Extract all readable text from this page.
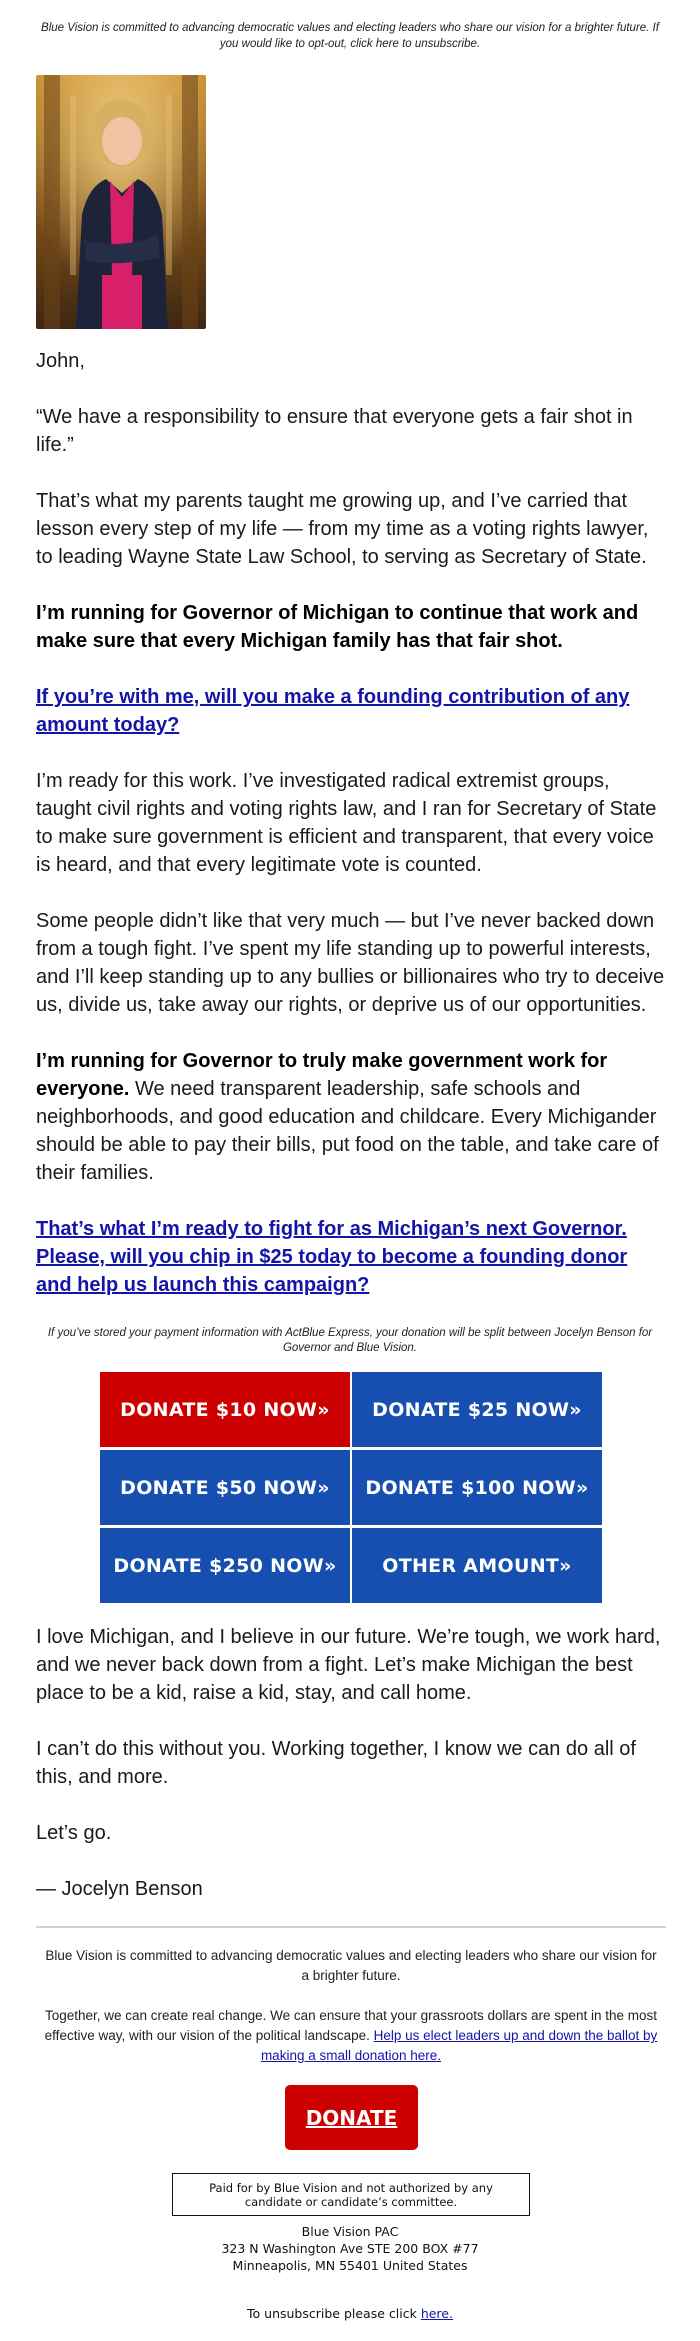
Blue Vision is committed to advancing democratic values and electing leaders who share our vision for a brighter future. If you would like to opt-out, click here to unsubscribe.
John,
“We have a responsibility to ensure that everyone gets a fair shot in life.”
That’s what my parents taught me growing up, and I’ve carried that lesson every step of my life — from my time as a voting rights lawyer, to leading Wayne State Law School, to serving as Secretary of State.
I’m running for Governor of Michigan to continue that work and make sure that every Michigan family has that fair shot.
If you’re with me, will you make a founding contribution of any amount today?
I’m ready for this work. I’ve investigated radical extremist groups, taught civil rights and voting rights law, and I ran for Secretary of State to make sure government is efficient and transparent, that every voice is heard, and that every legitimate vote is counted.
Some people didn’t like that very much — but I’ve never backed down from a tough fight. I’ve spent my life standing up to powerful interests, and I’ll keep standing up to any bullies or billionaires who try to deceive us, divide us, take away our rights, or deprive us of our opportunities.
I’m running for Governor to truly make government work for everyone. We need transparent leadership, safe schools and neighborhoods, and good education and childcare. Every Michigander should be able to pay their bills, put food on the table, and take care of their families.
That’s what I’m ready to fight for as Michigan’s next Governor. Please, will you chip in $25 today to become a founding donor and help us launch this campaign?
If you’ve stored your payment information with ActBlue Express, your donation will be split between Jocelyn Benson for Governor and Blue Vision.
DONATE $10 NOW»	DONATE $25 NOW»
DONATE $50 NOW»	DONATE $100 NOW»
DONATE $250 NOW»	OTHER AMOUNT»
I love Michigan, and I believe in our future. We’re tough, we work hard, and we never back down from a fight. Let’s make Michigan the best place to be a kid, raise a kid, stay, and call home.
I can’t do this without you. Working together, I know we can do all of this, and more.
Let’s go.
— Jocelyn Benson
Blue Vision is committed to advancing democratic values and electing leaders who share our vision for a brighter future.
Together, we can create real change. We can ensure that your grassroots dollars are spent in the most effective way, with our vision of the political landscape. Help us elect leaders up and down the ballot by making a small donation here.
DONATE
Paid for by Blue Vision and not authorized by any candidate or candidate’s committee.
Blue Vision PAC
323 N Washington Ave STE 200 BOX #77
Minneapolis, MN 55401 United States
To unsubscribe please click here.
